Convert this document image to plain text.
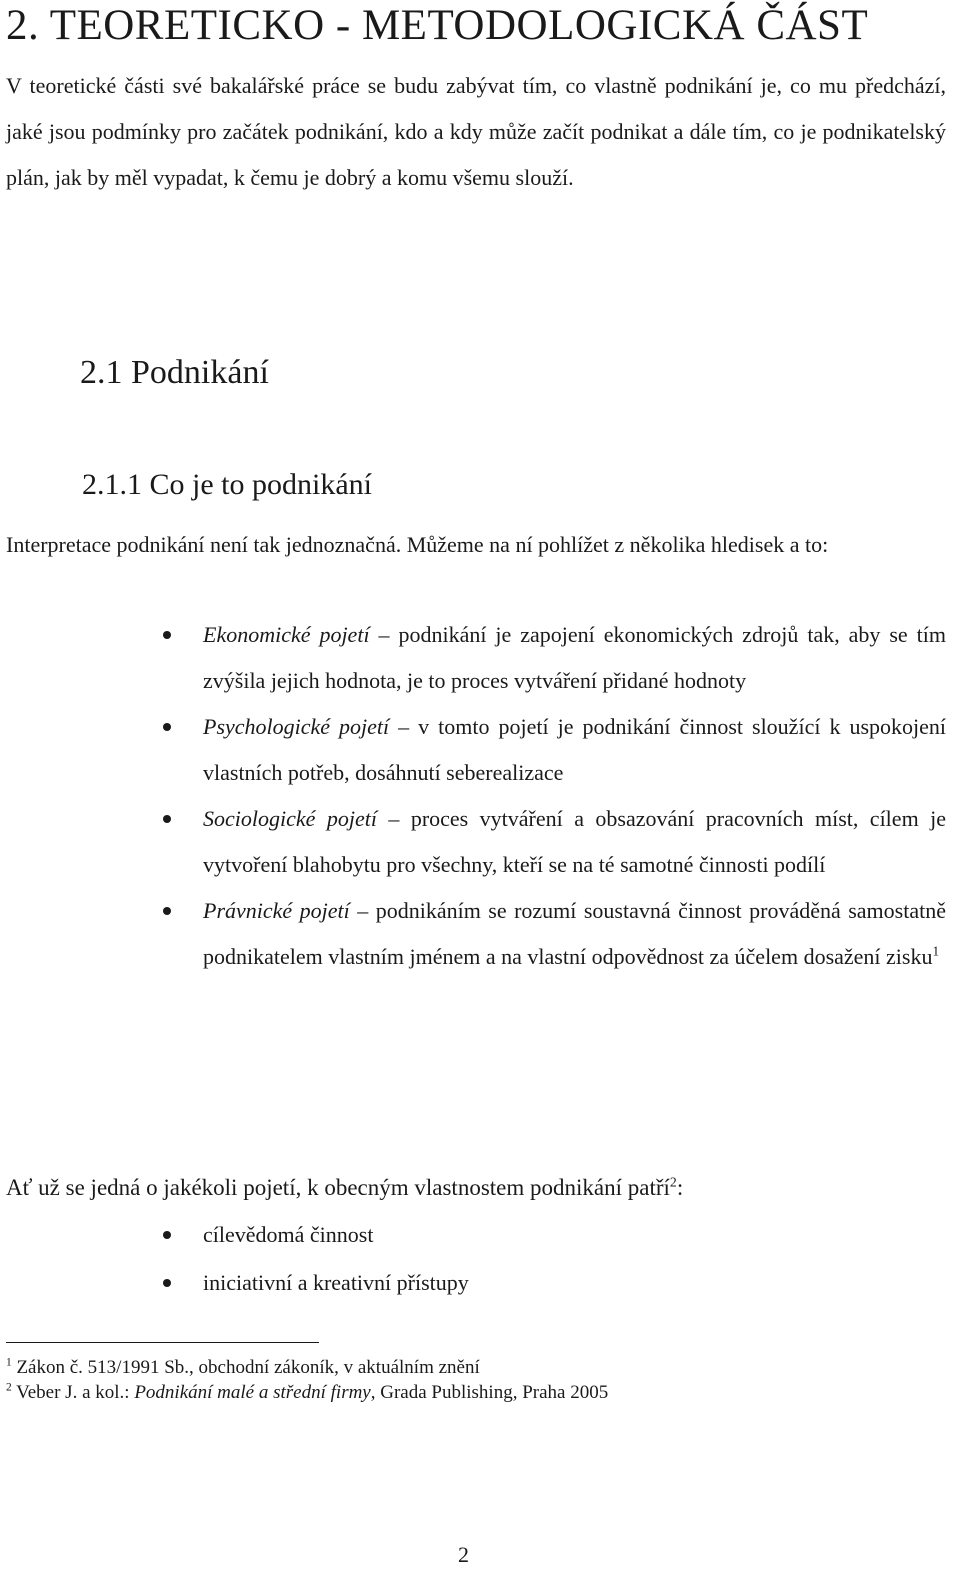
2. TEORETICKO - METODOLOGICKÁ ČÁST

V teoretické části své bakalářské práce se budu zabývat tím, co vlastně podnikání je, co mu předchází, jaké jsou podmínky pro začátek podnikání, kdo a kdy může začít podnikat a dále tím, co je podnikatelský plán, jak by měl vypadat, k čemu je dobrý a komu všemu slouží.

2.1 Podnikání
2.1.1 Co je to podnikání

Interpretace podnikání není tak jednoznačná. Můžeme na ní pohlížet z několika hledisek a to:

Ekonomické pojetí – podnikání je zapojení ekonomických zdrojů tak, aby se tím zvýšila jejich hodnota, je to proces vytváření přidané hodnoty
Psychologické pojetí – v tomto pojetí je podnikání činnost sloužící k uspokojení vlastních potřeb, dosáhnutí seberealizace
Sociologické pojetí – proces vytváření a obsazování pracovních míst, cílem je vytvoření blahobytu pro všechny, kteří se na té samotné činnosti podílí
Právnické pojetí – podnikáním se rozumí soustavná činnost prováděná samostatně podnikatelem vlastním jménem a na vlastní odpovědnost za účelem dosažení zisku$^1$

Ať už se jedná o jakékoli pojetí, k obecným vlastnostem podnikání patří$^2$:

cílevědomá činnost
iniciativní a kreativní přístupy
$^1$ Zákon č. 513/1991 Sb., obchodní zákoník, v aktuálním znění
$^2$ Veber J. a kol.: Podnikání malé a střední firmy, Grada Publishing, Praha 2005
2
